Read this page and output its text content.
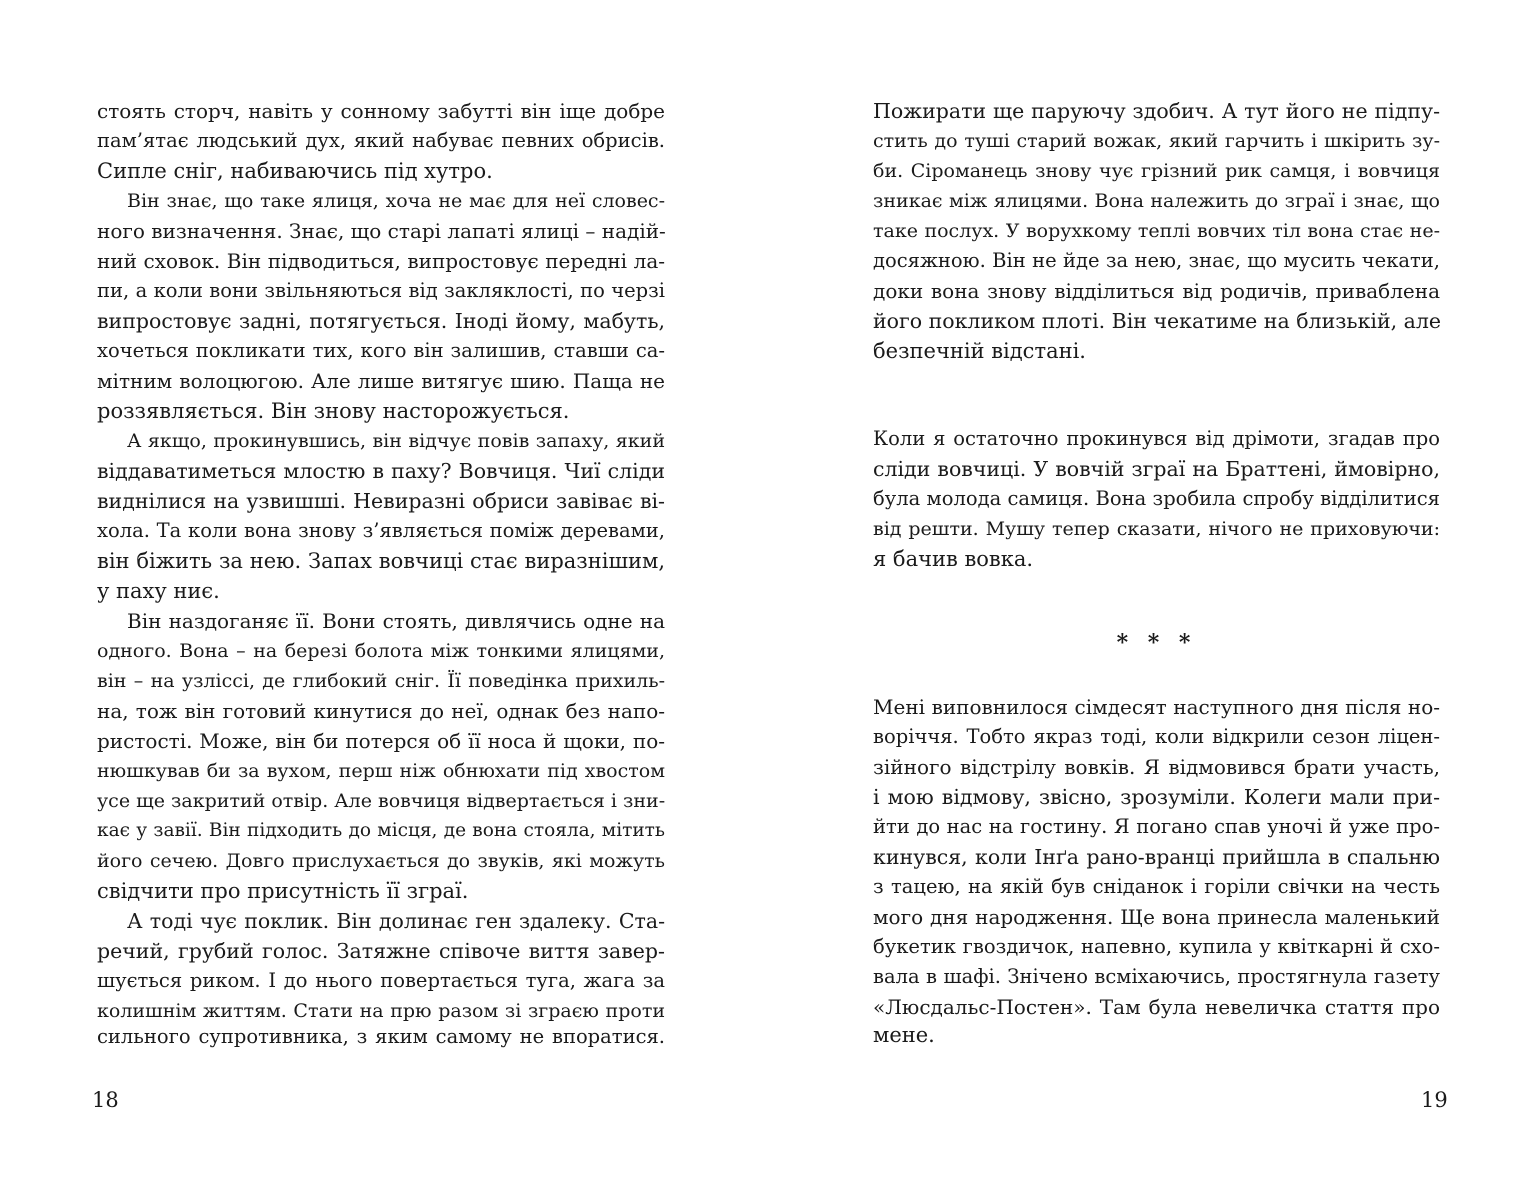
стоять сторч, навіть у сонному забутті він іще добре
пам’ятає людський дух, який набуває певних обрисів.
Сипле сніг, набиваючись під хутро.
Він знає, що таке ялиця, хоча не має для неї словес-
ного визначення. Знає, що старі лапаті ялиці – надій-
ний сховок. Він підводиться, випростовує передні ла-
пи, а коли вони звільняються від закляклості, по черзі
випростовує задні, потягується. Іноді йому, мабуть,
хочеться покликати тих, кого він залишив, ставши са-
мітним волоцюгою. Але лише витягує шию. Паща не
роззявляється. Він знову насторожується.
А якщо, прокинувшись, він відчує повів запаху, який
віддаватиметься млостю в паху? Вовчиця. Чиї сліди
виднілися на узвишші. Невиразні обриси завіває ві-
хола. Та коли вона знову з’являється поміж деревами,
він біжить за нею. Запах вовчиці стає виразнішим,
у паху ниє.
Він наздоганяє її. Вони стоять, дивлячись одне на
одного. Вона – на березі болота між тонкими ялицями,
він – на узліссі, де глибокий сніг. Її поведінка прихиль-
на, тож він готовий кинутися до неї, однак без напо-
ристості. Може, він би потерся об її носа й щоки, по-
нюшкував би за вухом, перш ніж обнюхати під хвостом
усе ще закритий отвір. Але вовчиця відвертається і зни-
кає у завії. Він підходить до місця, де вона стояла, мітить
його сечею. Довго прислухається до звуків, які можуть
свідчити про присутність її зграї.
А тоді чує поклик. Він долинає ген здалеку. Ста-
речий, грубий голос. Затяжне співоче виття завер-
шується риком. І до нього повертається туга, жага за
колишнім життям. Стати на прю разом зі зграєю проти
сильного супротивника, з яким самому не впоратися.
18
Пожирати ще паруючу здобич. А тут його не підпу-
стить до туші старий вожак, який гарчить і шкірить зу-
би. Сіроманець знову чує грізний рик самця, і вовчиця
зникає між ялицями. Вона належить до зграї і знає, що
таке послух. У ворухкому теплі вовчих тіл вона стає не-
досяжною. Він не йде за нею, знає, що мусить чекати,
доки вона знову відділиться від родичів, приваблена
його покликом плоті. Він чекатиме на близькій, але
безпечній відстані.
Коли я остаточно прокинувся від дрімоти, згадав про
сліди вовчиці. У вовчій зграї на Браттені, ймовірно,
була молода самиця. Вона зробила спробу відділитися
від решти. Мушу тепер сказати, нічого не приховуючи:
я бачив вовка.
* * *
Мені виповнилося сімдесят наступного дня після но-
воріччя. Тобто якраз тоді, коли відкрили сезон ліцен-
зійного відстрілу вовків. Я відмовився брати участь,
і мою відмову, звісно, зрозуміли. Колеги мали при-
йти до нас на гостину. Я погано спав уночі й уже про-
кинувся, коли Інґа рано-вранці прийшла в спальню
з тацею, на якій був сніданок і горіли свічки на честь
мого дня народження. Ще вона принесла маленький
букетик гвоздичок, напевно, купила у квіткарні й схо-
вала в шафі. Знічено всміхаючись, простягнула газету
«Люсдальс-Постен». Там була невеличка стаття про
мене.
19
